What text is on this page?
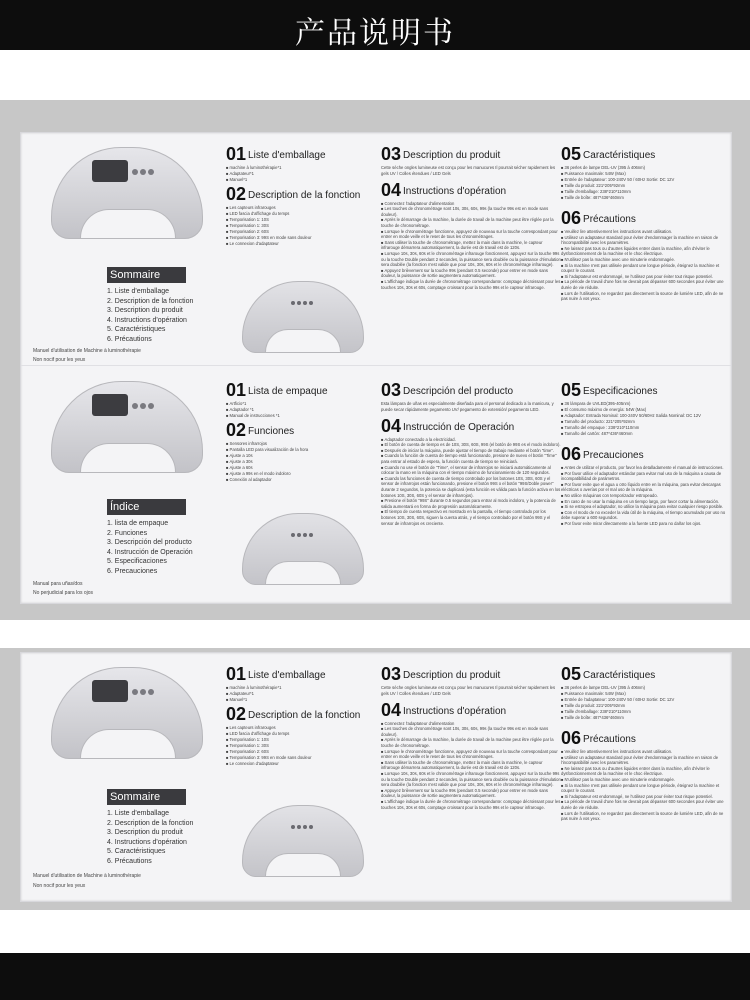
产品说明书
Sommaire
1. Liste d'emballage
2. Description de la fonction
3. Description du produit
4. Instructions d'opération
5. Caractéristiques
6. Précautions
Manuel d'utilisation de Machine à luminothérapie
Non nocif pour les yeux
01 Liste d'emballage
■ machine à luminothérapie*1
■ Adaptateur*1
■ Manuel*1
02 Description de la fonction
■ Les capteurs infrarouges
■ LED fascia d'affichage du temps
■ Temporisation 1: 10S
■ Temporisation 1: 30S
■ Temporisation 2: 60S
■ Temporisation 3: 99S en mode sans douleur
■ Le connexion d'adaptateur
03 Description du produit
Cette sèche ongles lumineuse est conçu pour les manucures Il pourrait sécher rapidement les gels UV / Colles étendues / LED Gels
04 Instructions d'opération
■ Connectez l'adaptateur d'alimentation
■ Les touches de chronométrage sont 10s, 30s, 60s, 99s (la touche 99s est en mode sans douleur).
■ Après le démarrage de la machine, la durée de travail de la machine peut être réglée par la touche de chronométrage.
■ Lorsque le chronométrage fonctionne, appuyez de nouveau sur la touche correspondant pour entrer en mode veille et le reset de tous les chronométrages.
■ Sans utiliser la touche de chronométrage, mettez la main dans la machine, le capteur infrarouge démarrera automatiquement, la durée est de travail est de 120s.
■ Lorsque 10s, 30s, 60s et le chronométrage infrarouge fonctionnent, appuyez sur la touche 99s ou la touche Double pendant 2 secondes, la puissance sera doublée ou la puissance d'émulation sera doublée (la fonction n'est valide que pour 10s, 30s, 60s et le chronométrage infrarouge).
■ Appuyez brièvement sur la touche 99s (pendant 0.5 seconde) pour entrer en mode sans douleur, la puissance de sortie augmentera automatiquement.
■ L'affichage indique la durée de chronométrage correspondante: comptage décroissant pour les touches 10s, 30s et 60s, comptage croissant pour la touche 99s et le capteur infrarouge.
05 Caractéristiques
■ 36 perles de lampe DEL-UV (395 à 406nm)
■ Puissance maximale: 54W (Max)
■ Entrée de l'adaptateur: 100-240V 50 / 60Hz Sortie: DC 12V
■ Taille du produit: 221*205*92mm
■ Taille d'emballage: 238*210*110mm
■ Taille de boîte: 487*436*460mm
06 Précautions
■ Veuillez lire attentivement les instructions avant utilisation.
■ Utilisez un adaptateur standard pour éviter d'endommager la machine en raison de l'incompatibilité avec les paramètres.
■ Ne laissez pas tous ou d'autres liquides entrer dans la machine, afin d'éviter le dysfonctionnement de la machine et le choc électrique.
■ N'utilisez pas la machine avec une minuterie endommagée.
■ Si la machine n'est pas utilisée pendant une longue période, éteignez la machine et coupez le courant.
■ Si l'adaptateur est endommagé, ne l'utilisez pas pour éviter tout risque potentiel.
■ La période de travail d'une fois ne devrait pas dépasser 600 secondes pour éviter une durée de vie réduite.
■ Lors de l'utilisation, ne regardez pas directement la source de lumière LED, afin de ne pas nuire à vos yeux.
Índice
1. lista de empaque
2. Funciones
3. Descripción del producto
4. Instrucción de Operación
5. Especificaciones
6. Precauciones
Manual para uñas/dos
No perjudicial para los ojos
01 Lista de empaque
■ Artficio*1
■ Adaptador *1
■ Manual de instrucciones *1
02 Funciones
■ Sensores infrarrojos
■ Pantalla LED para visualización de la hora
■ Ajuste a 10s
■ Ajuste a 30s
■ Ajuste a 60s
■ Ajuste a 99s en el modo indoloro
■ Conexión al adaptador
03 Descripción del producto
Esta lámpara de uñas es especialmente diseñada para el personal dedicado a la manicura, y puede secar rápidamente pegamento UV/ pegamento de extensión/ pegamento LED.
04 Instrucción de Operación
■ Adaptador conectado a la electricidad.
■ El botón de cuenta de tiempo es de 10S, 30S, 60S, 99S (el botón de 99S es el modo indoloro).
■ Después de iniciar la máquina, puede ajustar el tiempo de trabajo mediante el botón "time".
■ Cuando la función de cuenta de tiempo está funcionando, presione de nuevo el botón "Time" para entrar al estado de espera, la función cuenta de tiempo se reiniciará.
■ Cuando no use el botón de "Time", el sensor de infrarrojos se iniciará automáticamente al colocar la mano en la máquina con el tiempo máximo de funcionamiento de 120 segundos.
■ Cuando las funciones de cuenta de tiempo controlado por los botones 10S, 30S, 60S y el sensor de infrarrojos están funcionando, presione el botón 99S o el botón "99S/Doble power" durante 2 segundos, la potencia se duplicará (esta función es válida para la función activa en los botones 10S, 30S, 60S y el sensor de infrarrojos).
■ Presione el botón "99S" durante 0.5 segundos para entrar al modo indoloro, y la potencia de salida aumentará en forma de progresión automáticamente.
■ El tiempo de cuenta respectivo es mostrado en la pantalla, el tiempo controlado por los botones 10S, 30S, 60S, siguen la cuenta atrás, y el tiempo controlado por el botón 99S y el sensor de infrarrojos es creciente.
05 Especificaciones
■ 36 lámpara de UVLED(395-405nm)
■ El consumo máximo de energía: 54W (Max)
■ Adaptador: Entrada Nominal: 100-240V 50/60Hz Salida Nominal: DC 12V
■ Tamaño del producto: 221*205*92mm
■ Tamaño del empaque : 238*210*110mm
■ Tamaño del cartón: 487*436*460mm
06 Precauciones
■ Antes de utilizar el producto, por favor lea detalladamente el manual de instrucciones.
■ Por favor utilice el adaptador estándar para evitar mal uso de la máquina a causa de incompatibilidad de parámetros.
■ Por favor evite que el agua u otro líquido entre en la máquina, para evitar descargas eléctricas o averías por el mal uso de la máquina.
■ No utilice máquinas con temporizador estropeado.
■ En caso de no usar la máquina en un tiempo largo, por favor cortar la alimentación.
■ Si se estropea el adaptador, no utilice la máquina para evitar cualquier riesgo posible.
■ Con el modo de no exceder la vida útil de la máquina, el tiempo acumulado por uso no debe superar a 600 segundos.
■ Por favor evite mirar directamente a la fuente LED para no dañar los ojos.
Sommaire
1. Liste d'emballage
2. Description de la fonction
3. Description du produit
4. Instructions d'opération
5. Caractéristiques
6. Précautions
Manuel d'utilisation de Machine à luminothérapie
Non nocif pour les yeux
01 Liste d'emballage
■ machine à luminothérapie*1
■ Adaptateur*1
■ Manuel*1
02 Description de la fonction
■ Les capteurs infrarouges
■ LED fascia d'affichage du temps
■ Temporisation 1: 10S
■ Temporisation 1: 30S
■ Temporisation 2: 60S
■ Temporisation 3: 99S en mode sans douleur
■ Le connexion d'adaptateur
03 Description du produit
Cette sèche ongles lumineuse est conçu pour les manucures Il pourrait sécher rapidement les gels UV / Colles étendues / LED Gels
04 Instructions d'opération
■ Connectez l'adaptateur d'alimentation
■ Les touches de chronométrage sont 10s, 30s, 60s, 99s (la touche 99s est en mode sans douleur).
■ Après le démarrage de la machine, la durée de travail de la machine peut être réglée par la touche de chronométrage.
■ Lorsque le chronométrage fonctionne, appuyez de nouveau sur la touche correspondant pour entrer en mode veille et le reset de tous les chronométrages.
■ Sans utiliser la touche de chronométrage, mettez la main dans la machine, le capteur infrarouge démarrera automatiquement, la durée est de travail est de 120s.
■ Lorsque 10s, 30s, 60s et le chronométrage infrarouge fonctionnent, appuyez sur la touche 99s ou la touche Double pendant 2 secondes, la puissance sera doublée ou la puissance d'émulation sera doublée (la fonction n'est valide que pour 10s, 30s, 60s et le chronométrage infrarouge).
■ Appuyez brièvement sur la touche 99s (pendant 0.5 seconde) pour entrer en mode sans douleur, la puissance de sortie augmentera automatiquement.
■ L'affichage indique la durée de chronométrage correspondante: comptage décroissant pour les touches 10s, 30s et 60s, comptage croissant pour la touche 99s et le capteur infrarouge.
05 Caractéristiques
■ 36 perles de lampe DEL-UV (395 à 406nm)
■ Puissance maximale: 54W (Max)
■ Entrée de l'adaptateur: 100-240V 50 / 60Hz Sortie: DC 12V
■ Taille du produit: 221*205*92mm
■ Taille d'emballage: 238*210*110mm
■ Taille de boîte: 487*436*460mm
06 Précautions
■ Veuillez lire attentivement les instructions avant utilisation.
■ Utilisez un adaptateur standard pour éviter d'endommager la machine en raison de l'incompatibilité avec les paramètres.
■ Ne laissez pas tous ou d'autres liquides entrer dans la machine, afin d'éviter le dysfonctionnement de la machine et le choc électrique.
■ N'utilisez pas la machine avec une minuterie endommagée.
■ Si la machine n'est pas utilisée pendant une longue période, éteignez la machine et coupez le courant.
■ Si l'adaptateur est endommagé, ne l'utilisez pas pour éviter tout risque potentiel.
■ La période de travail d'une fois ne devrait pas dépasser 600 secondes pour éviter une durée de vie réduite.
■ Lors de l'utilisation, ne regardez pas directement la source de lumière LED, afin de ne pas nuire à vos yeux.
